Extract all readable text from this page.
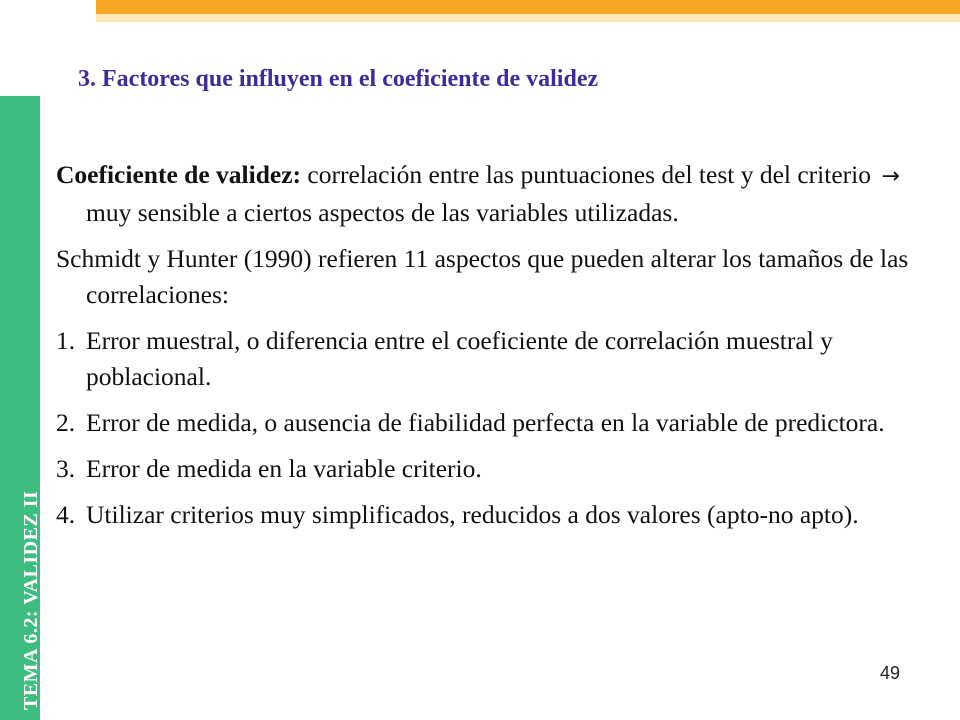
TEMA 6.2: VALIDEZ II
3. Factores que influyen en el coeficiente de validez

Coeficiente de validez: correlación entre las puntuaciones del test y del criterio → muy sensible a ciertos aspectos de las variables utilizadas.

Schmidt y Hunter (1990) refieren 11 aspectos que pueden alterar los tamaños de las correlaciones:

1. Error muestral, o diferencia entre el coeficiente de correlación muestral y poblacional.
2. Error de medida, o ausencia de fiabilidad perfecta en la variable de predictora.
3. Error de medida en la variable criterio.
4. Utilizar criterios muy simplificados, reducidos a dos valores (apto-no apto).
49
